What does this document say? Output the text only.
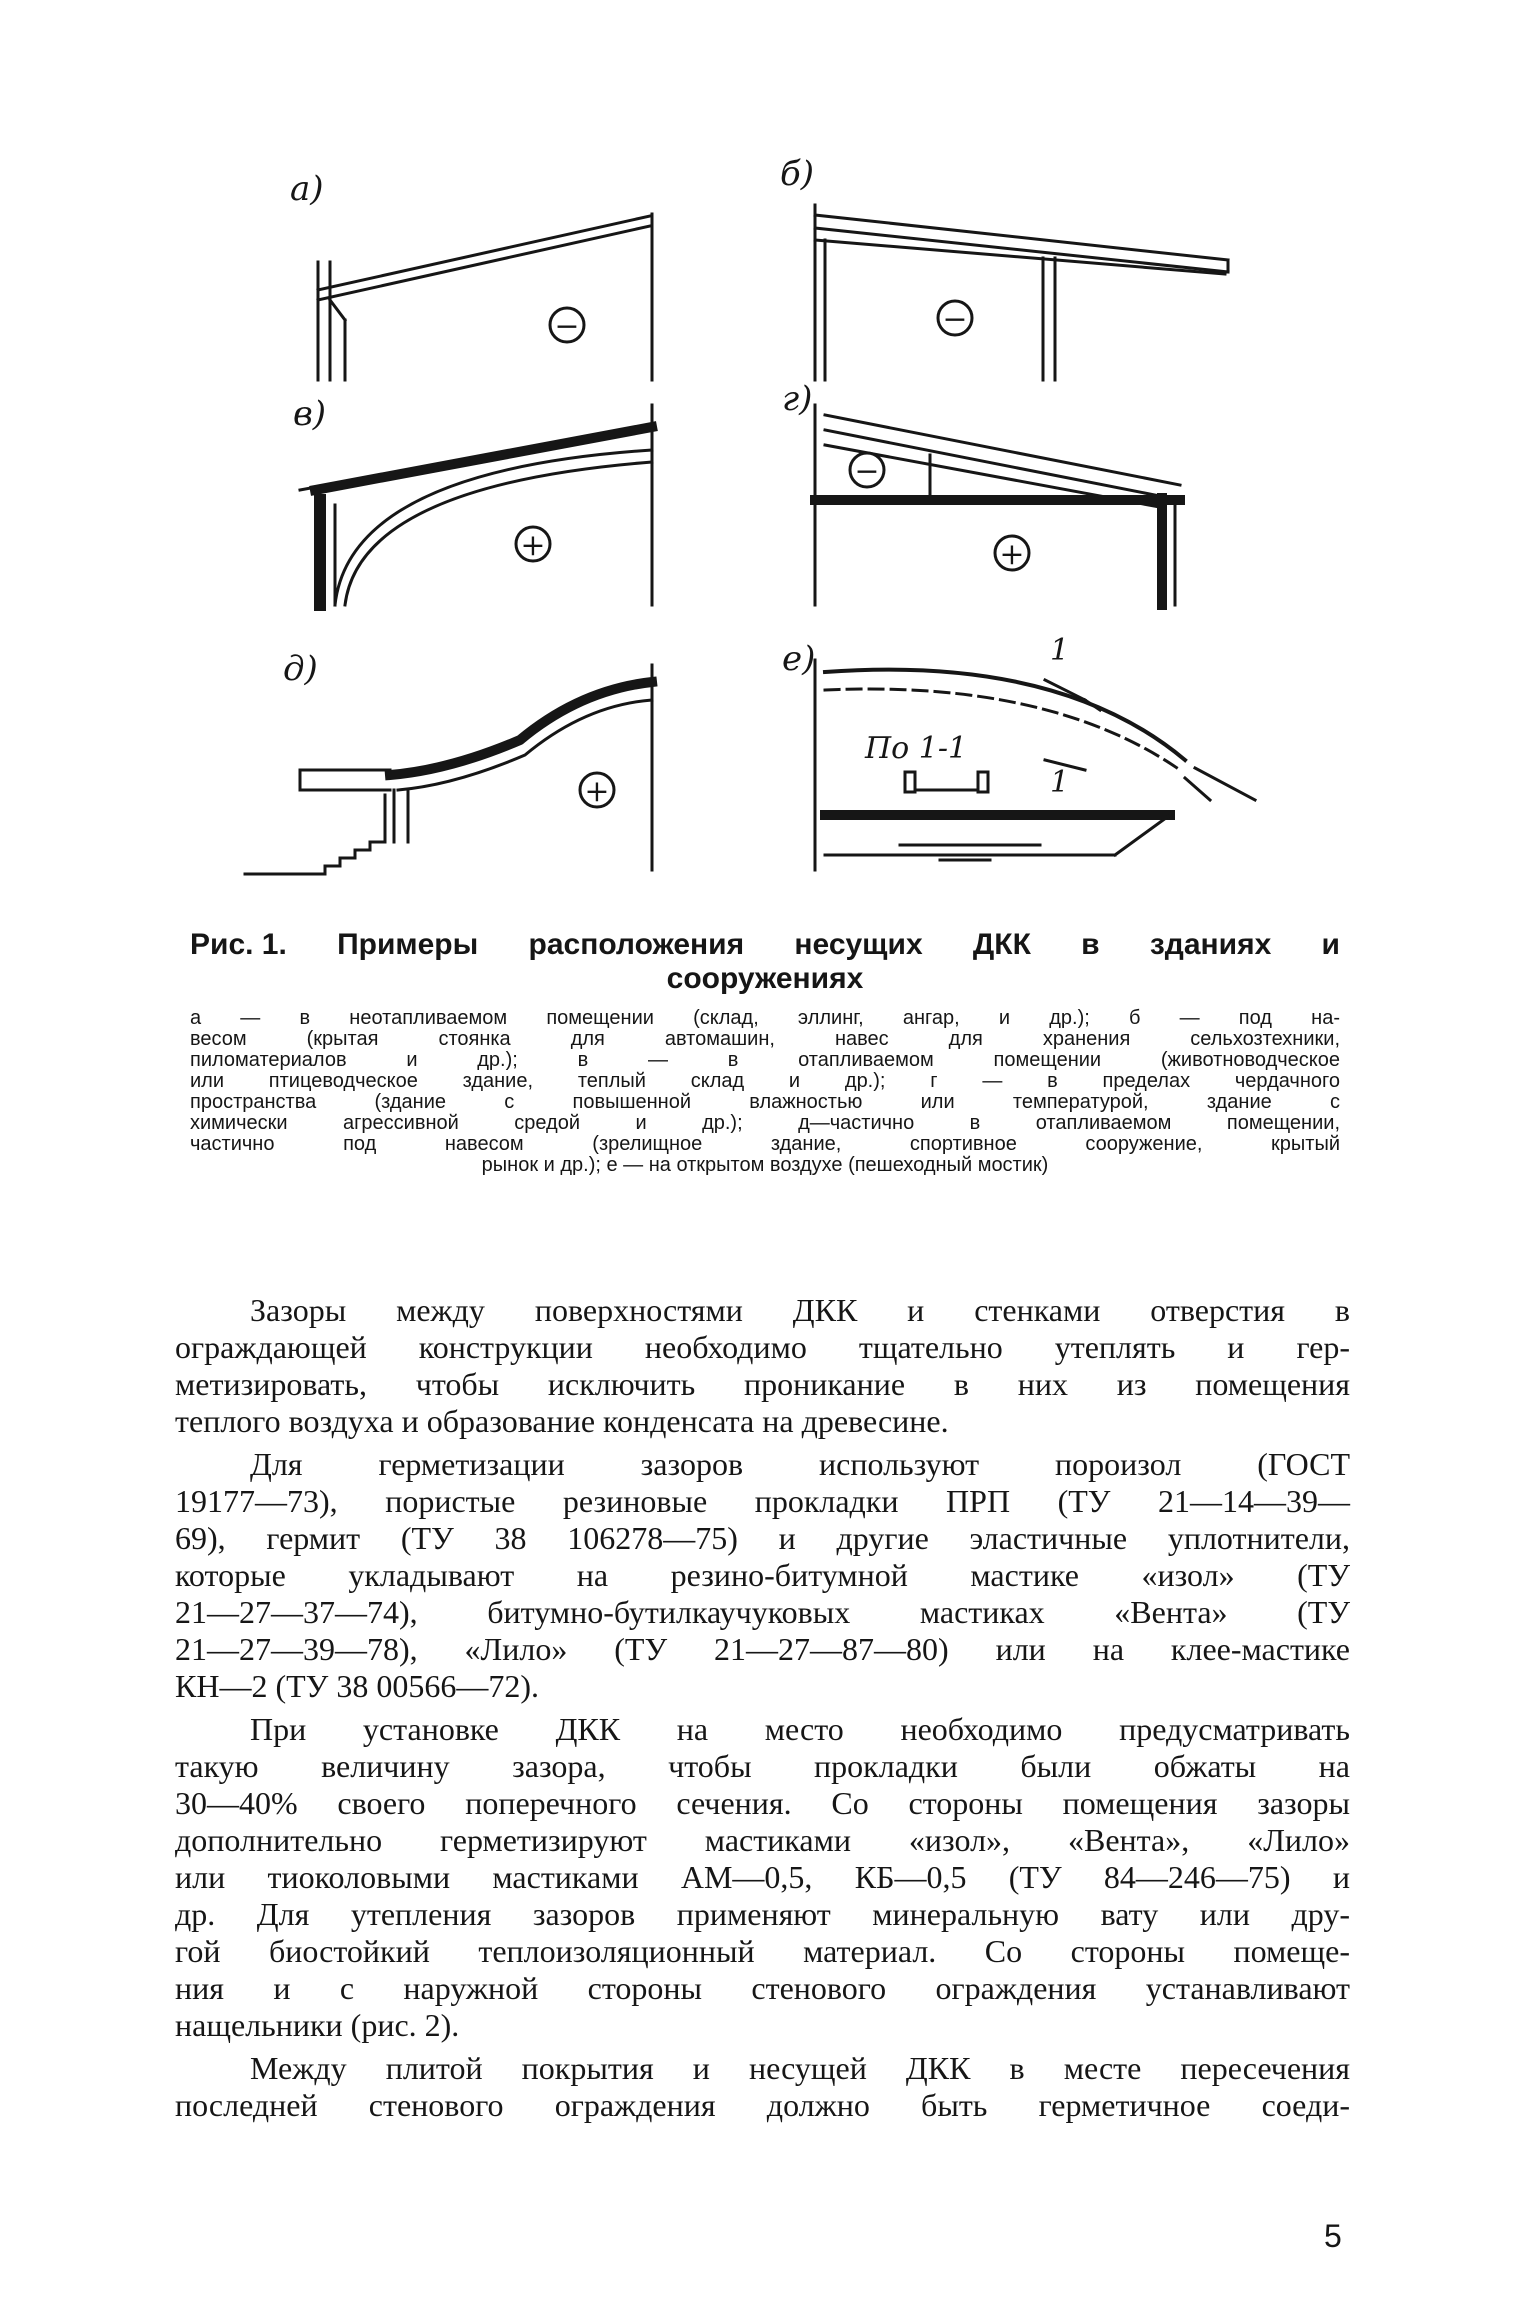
−	−
+
−
+
+
а)	б)
в)	г)
д)	е)
По 1-1
1
1
Рис. 1. Примеры расположения несущих ДКК в зданиях и
сооружениях
а — в неотапливаемом помещении (склад, эллинг, ангар, и др.); б — под на-
весом (крытая стоянка для автомашин, навес для хранения сельхозтехники,
пиломатериалов и др.); в — в отапливаемом помещении (животноводческое
или птицеводческое здание, теплый склад и др.); г — в пределах чердачного
пространства (здание с повышенной влажностью или температурой, здание с
химически агрессивной средой и др.); д—частично в отапливаемом помещении,
частично под навесом (зрелищное здание, спортивное сооружение, крытый
рынок и др.); е — на открытом воздухе (пешеходный мостик)
Зазоры между поверхностями ДКК и стенками отверстия в
ограждающей конструкции необходимо тщательно утеплять и гер-
метизировать, чтобы исключить проникание в них из помещения
теплого воздуха и образование конденсата на древесине.
Для герметизации зазоров используют пороизол (ГОСТ
19177—73), пористые резиновые прокладки ПРП (ТУ 21—14—39—
69), гермит (ТУ 38 106278—75) и другие эластичные уплотнители,
которые укладывают на резино-битумной мастике «изол» (ТУ
21—27—37—74), битумно-бутилкаучуковых мастиках «Вента» (ТУ
21—27—39—78), «Лило» (ТУ 21—27—87—80) или на клее-мастике
КН—2 (ТУ 38 00566—72).
При установке ДКК на место необходимо предусматривать
такую величину зазора, чтобы прокладки были обжаты на
30—40% своего поперечного сечения. Со стороны помещения зазоры
дополнительно герметизируют мастиками «изол», «Вента», «Лило»
или тиоколовыми мастиками АМ—0,5, КБ—0,5 (ТУ 84—246—75) и
др. Для утепления зазоров применяют минеральную вату или дру-
гой биостойкий теплоизоляционный материал. Со стороны помеще-
ния и с наружной стороны стенового ограждения устанавливают
нащельники (рис. 2).
Между плитой покрытия и несущей ДКК в месте пересечения
последней стенового ограждения должно быть герметичное соеди-
5
